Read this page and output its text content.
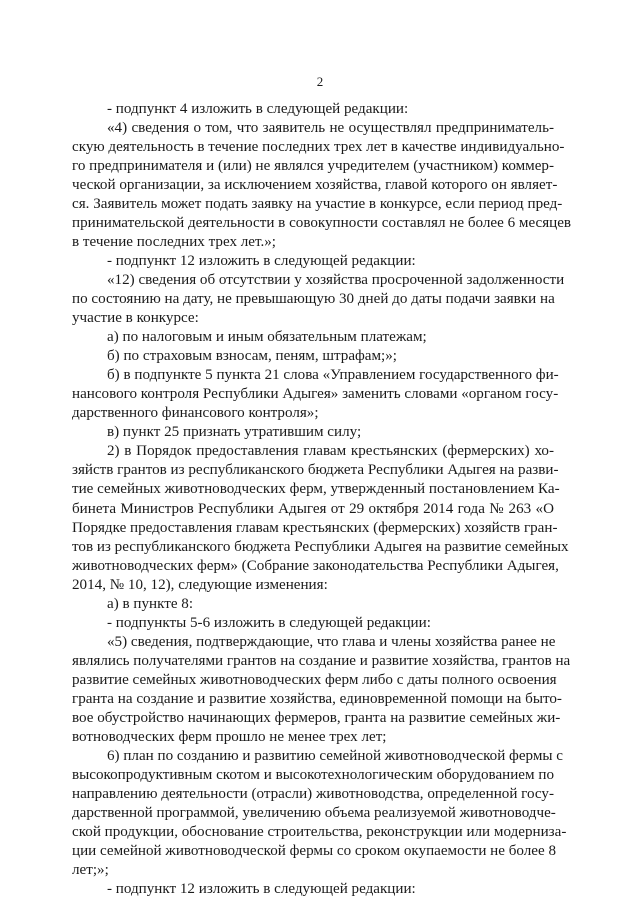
2

- подпункт 4 изложить в следующей редакции:

«4) сведения о том, что заявитель не осуществлял предприниматель-

скую деятельность в течение последних трех лет в качестве индивидуально-

го предпринимателя и (или) не являлся учредителем (участником) коммер-

ческой организации, за исключением хозяйства, главой которого он являет-

ся. Заявитель может подать заявку на участие в конкурсе, если период пред-

принимательской деятельности в совокупности составлял не более 6 месяцев

в течение последних трех лет.»;

- подпункт 12 изложить в следующей редакции:

«12) сведения об отсутствии у хозяйства просроченной задолженности

по состоянию на дату, не превышающую 30 дней до даты подачи заявки на

участие в конкурсе:

а) по налоговым и иным обязательным платежам;

б) по страховым взносам, пеням, штрафам;»;

б) в подпункте 5 пункта 21 слова «Управлением государственного фи-

нансового контроля Республики Адыгея» заменить словами «органом госу-

дарственного финансового контроля»;

в) пункт 25 признать утратившим силу;

2) в Порядок предоставления главам крестьянских (фермерских) хо-

зяйств грантов из республиканского бюджета Республики Адыгея на разви-

тие семейных животноводческих ферм, утвержденный постановлением Ка-

бинета Министров Республики Адыгея от 29 октября 2014 года № 263 «О

Порядке предоставления главам крестьянских (фермерских) хозяйств гран-

тов из республиканского бюджета Республики Адыгея на развитие семейных

животноводческих ферм» (Собрание законодательства Республики Адыгея,

2014, № 10, 12), следующие изменения:

а) в пункте 8:

- подпункты 5-6 изложить в следующей редакции:

«5) сведения, подтверждающие, что глава и члены хозяйства ранее не

являлись получателями грантов на создание и развитие хозяйства, грантов на

развитие семейных животноводческих ферм либо с даты полного освоения

гранта на создание и развитие хозяйства, единовременной помощи на быто-

вое обустройство начинающих фермеров, гранта на развитие семейных жи-

вотноводческих ферм прошло не менее трех лет;

6) план по созданию и развитию семейной животноводческой фермы с

высокопродуктивным скотом и высокотехнологическим оборудованием по

направлению деятельности (отрасли) животноводства, определенной госу-

дарственной программой, увеличению объема реализуемой животноводче-

ской продукции, обоснование строительства, реконструкции или модерниза-

ции семейной животноводческой фермы со сроком окупаемости не более 8

лет;»;

- подпункт 12 изложить в следующей редакции:
